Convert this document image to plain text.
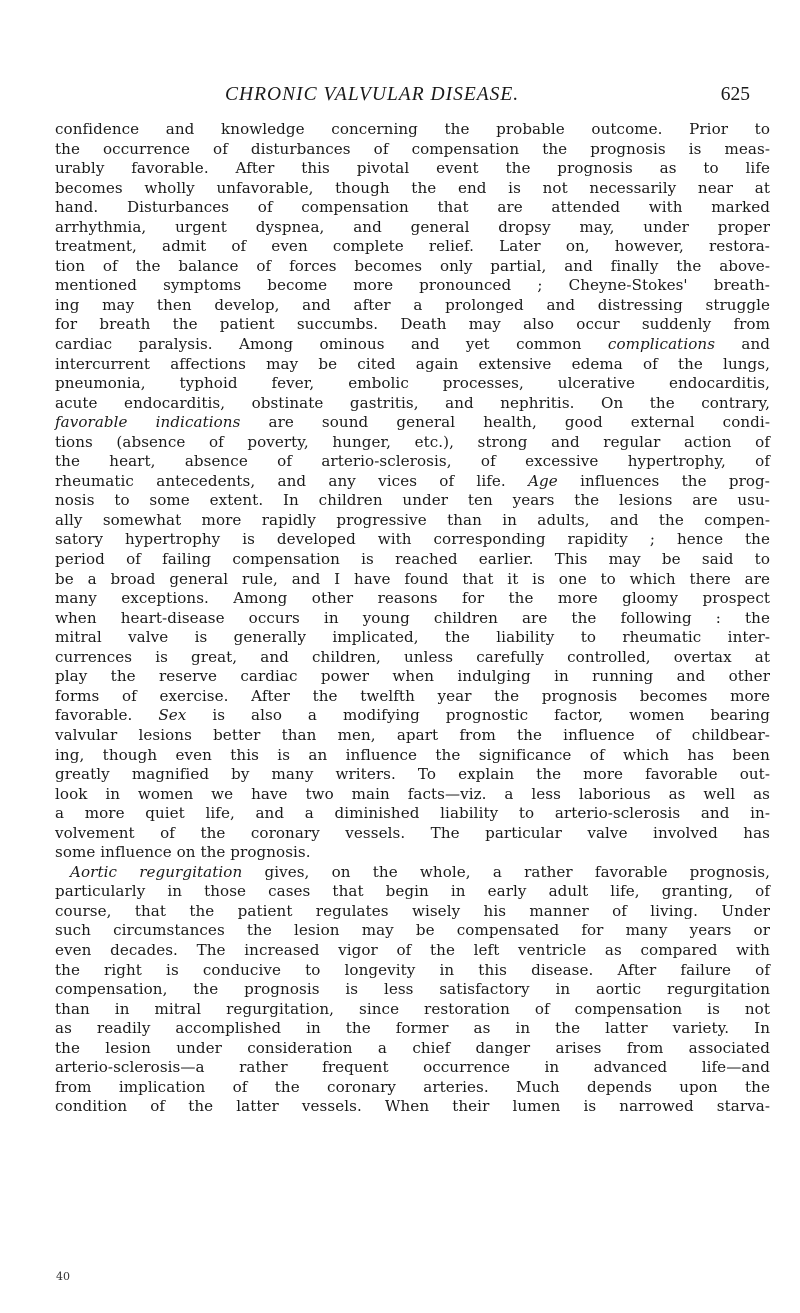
CHRONIC VALVULAR DISEASE.	625
confidence and knowledge concerning the probable outcome. Prior to
the occurrence of disturbances of compensation the prognosis is meas-
urably favorable. After this pivotal event the prognosis as to life
becomes wholly unfavorable, though the end is not necessarily near at
hand. Disturbances of compensation that are attended with marked
arrhythmia, urgent dyspnea, and general dropsy may, under proper
treatment, admit of even complete relief. Later on, however, restora-
tion of the balance of forces becomes only partial, and finally the above-
mentioned symptoms become more pronounced ; Cheyne-Stokes' breath-
ing may then develop, and after a prolonged and distressing struggle
for breath the patient succumbs. Death may also occur suddenly from
cardiac paralysis. Among ominous and yet common complications and
intercurrent affections may be cited again extensive edema of the lungs,
pneumonia, typhoid fever, embolic processes, ulcerative endocarditis,
acute endocarditis, obstinate gastritis, and nephritis. On the contrary,
favorable indications are sound general health, good external condi-
tions (absence of poverty, hunger, etc.), strong and regular action of
the heart, absence of arterio-sclerosis, of excessive hypertrophy, of
rheumatic antecedents, and any vices of life. Age influences the prog-
nosis to some extent. In children under ten years the lesions are usu-
ally somewhat more rapidly progressive than in adults, and the compen-
satory hypertrophy is developed with corresponding rapidity ; hence the
period of failing compensation is reached earlier. This may be said to
be a broad general rule, and I have found that it is one to which there are
many exceptions. Among other reasons for the more gloomy prospect
when heart-disease occurs in young children are the following : the
mitral valve is generally implicated, the liability to rheumatic inter-
currences is great, and children, unless carefully controlled, overtax at
play the reserve cardiac power when indulging in running and other
forms of exercise. After the twelfth year the prognosis becomes more
favorable. Sex is also a modifying prognostic factor, women bearing
valvular lesions better than men, apart from the influence of childbear-
ing, though even this is an influence the significance of which has been
greatly magnified by many writers. To explain the more favorable out-
look in women we have two main facts—viz. a less laborious as well as
a more quiet life, and a diminished liability to arterio-sclerosis and in-
volvement of the coronary vessels. The particular valve involved has
some influence on the prognosis.
Aortic regurgitation gives, on the whole, a rather favorable prognosis,
particularly in those cases that begin in early adult life, granting, of
course, that the patient regulates wisely his manner of living. Under
such circumstances the lesion may be compensated for many years or
even decades. The increased vigor of the left ventricle as compared with
the right is conducive to longevity in this disease. After failure of
compensation, the prognosis is less satisfactory in aortic regurgitation
than in mitral regurgitation, since restoration of compensation is not
as readily accomplished in the former as in the latter variety. In
the lesion under consideration a chief danger arises from associated
arterio-sclerosis—a rather frequent occurrence in advanced life—and
from implication of the coronary arteries. Much depends upon the
condition of the latter vessels. When their lumen is narrowed starva-
40
